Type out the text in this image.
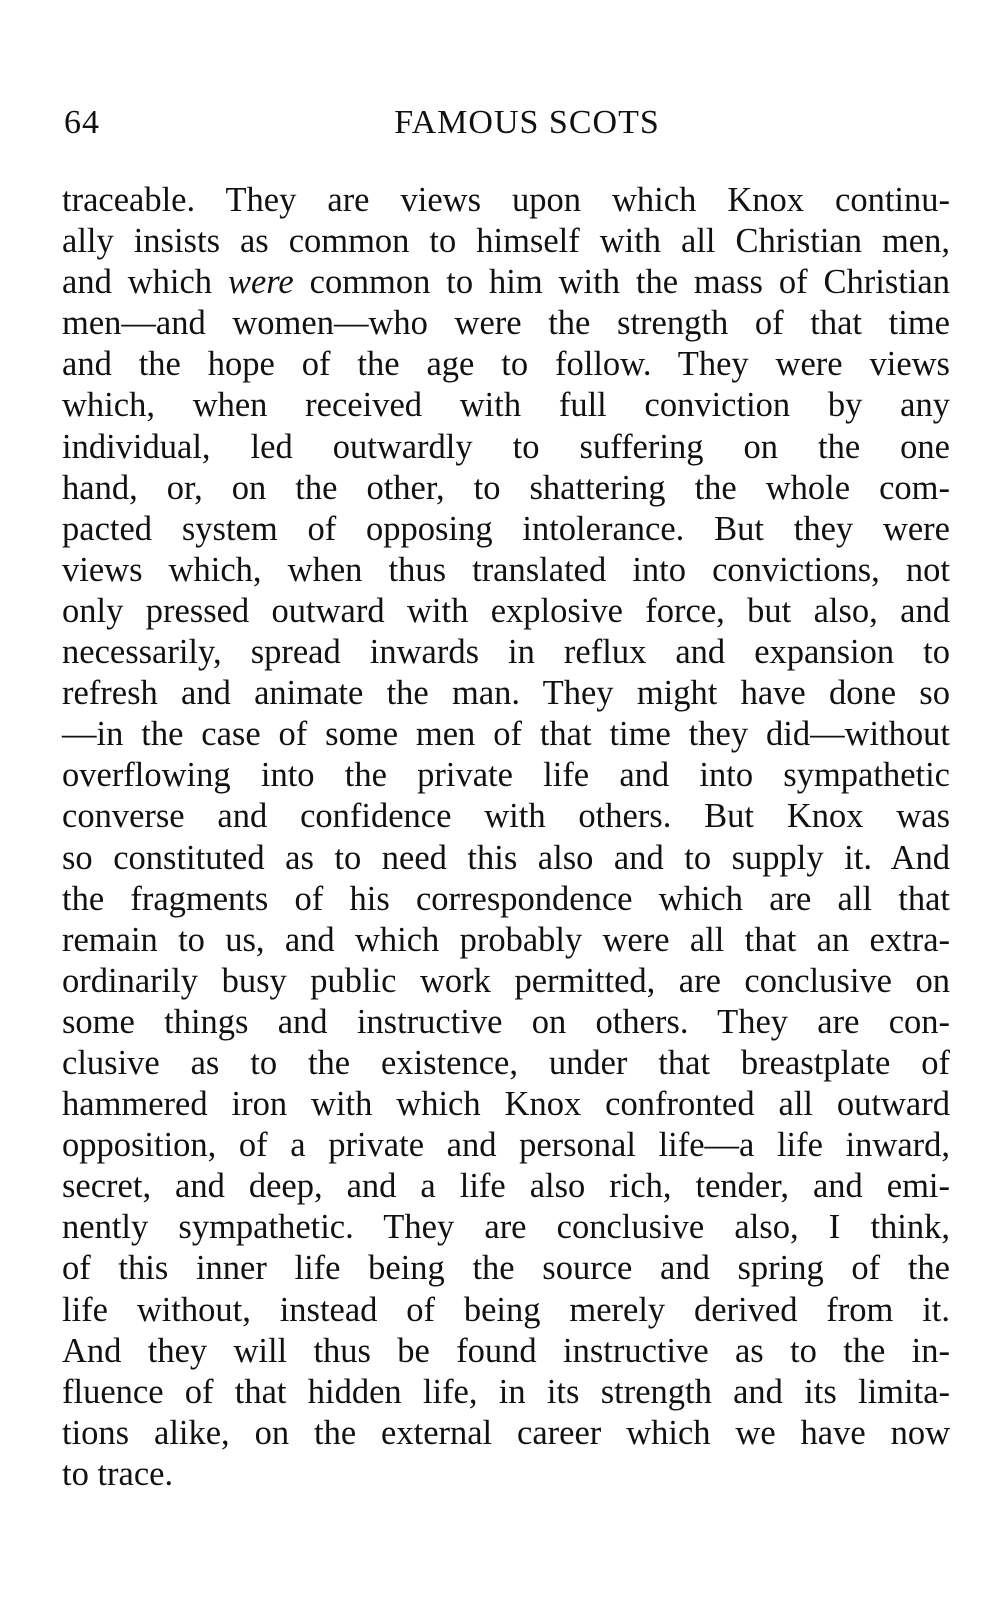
64	FAMOUS SCOTS
traceable. They are views upon which Knox continu-
ally insists as common to himself with all Christian men,
and which were common to him with the mass of Christian
men—and women—who were the strength of that time
and the hope of the age to follow. They were views
which, when received with full conviction by any
individual, led outwardly to suffering on the one
hand, or, on the other, to shattering the whole com-
pacted system of opposing intolerance. But they were
views which, when thus translated into convictions, not
only pressed outward with explosive force, but also, and
necessarily, spread inwards in reflux and expansion to
refresh and animate the man. They might have done so
—in the case of some men of that time they did—without
overflowing into the private life and into sympathetic
converse and confidence with others. But Knox was
so constituted as to need this also and to supply it. And
the fragments of his correspondence which are all that
remain to us, and which probably were all that an extra-
ordinarily busy public work permitted, are conclusive on
some things and instructive on others. They are con-
clusive as to the existence, under that breastplate of
hammered iron with which Knox confronted all outward
opposition, of a private and personal life—a life inward,
secret, and deep, and a life also rich, tender, and emi-
nently sympathetic. They are conclusive also, I think,
of this inner life being the source and spring of the
life without, instead of being merely derived from it.
And they will thus be found instructive as to the in-
fluence of that hidden life, in its strength and its limita-
tions alike, on the external career which we have now
to trace.
